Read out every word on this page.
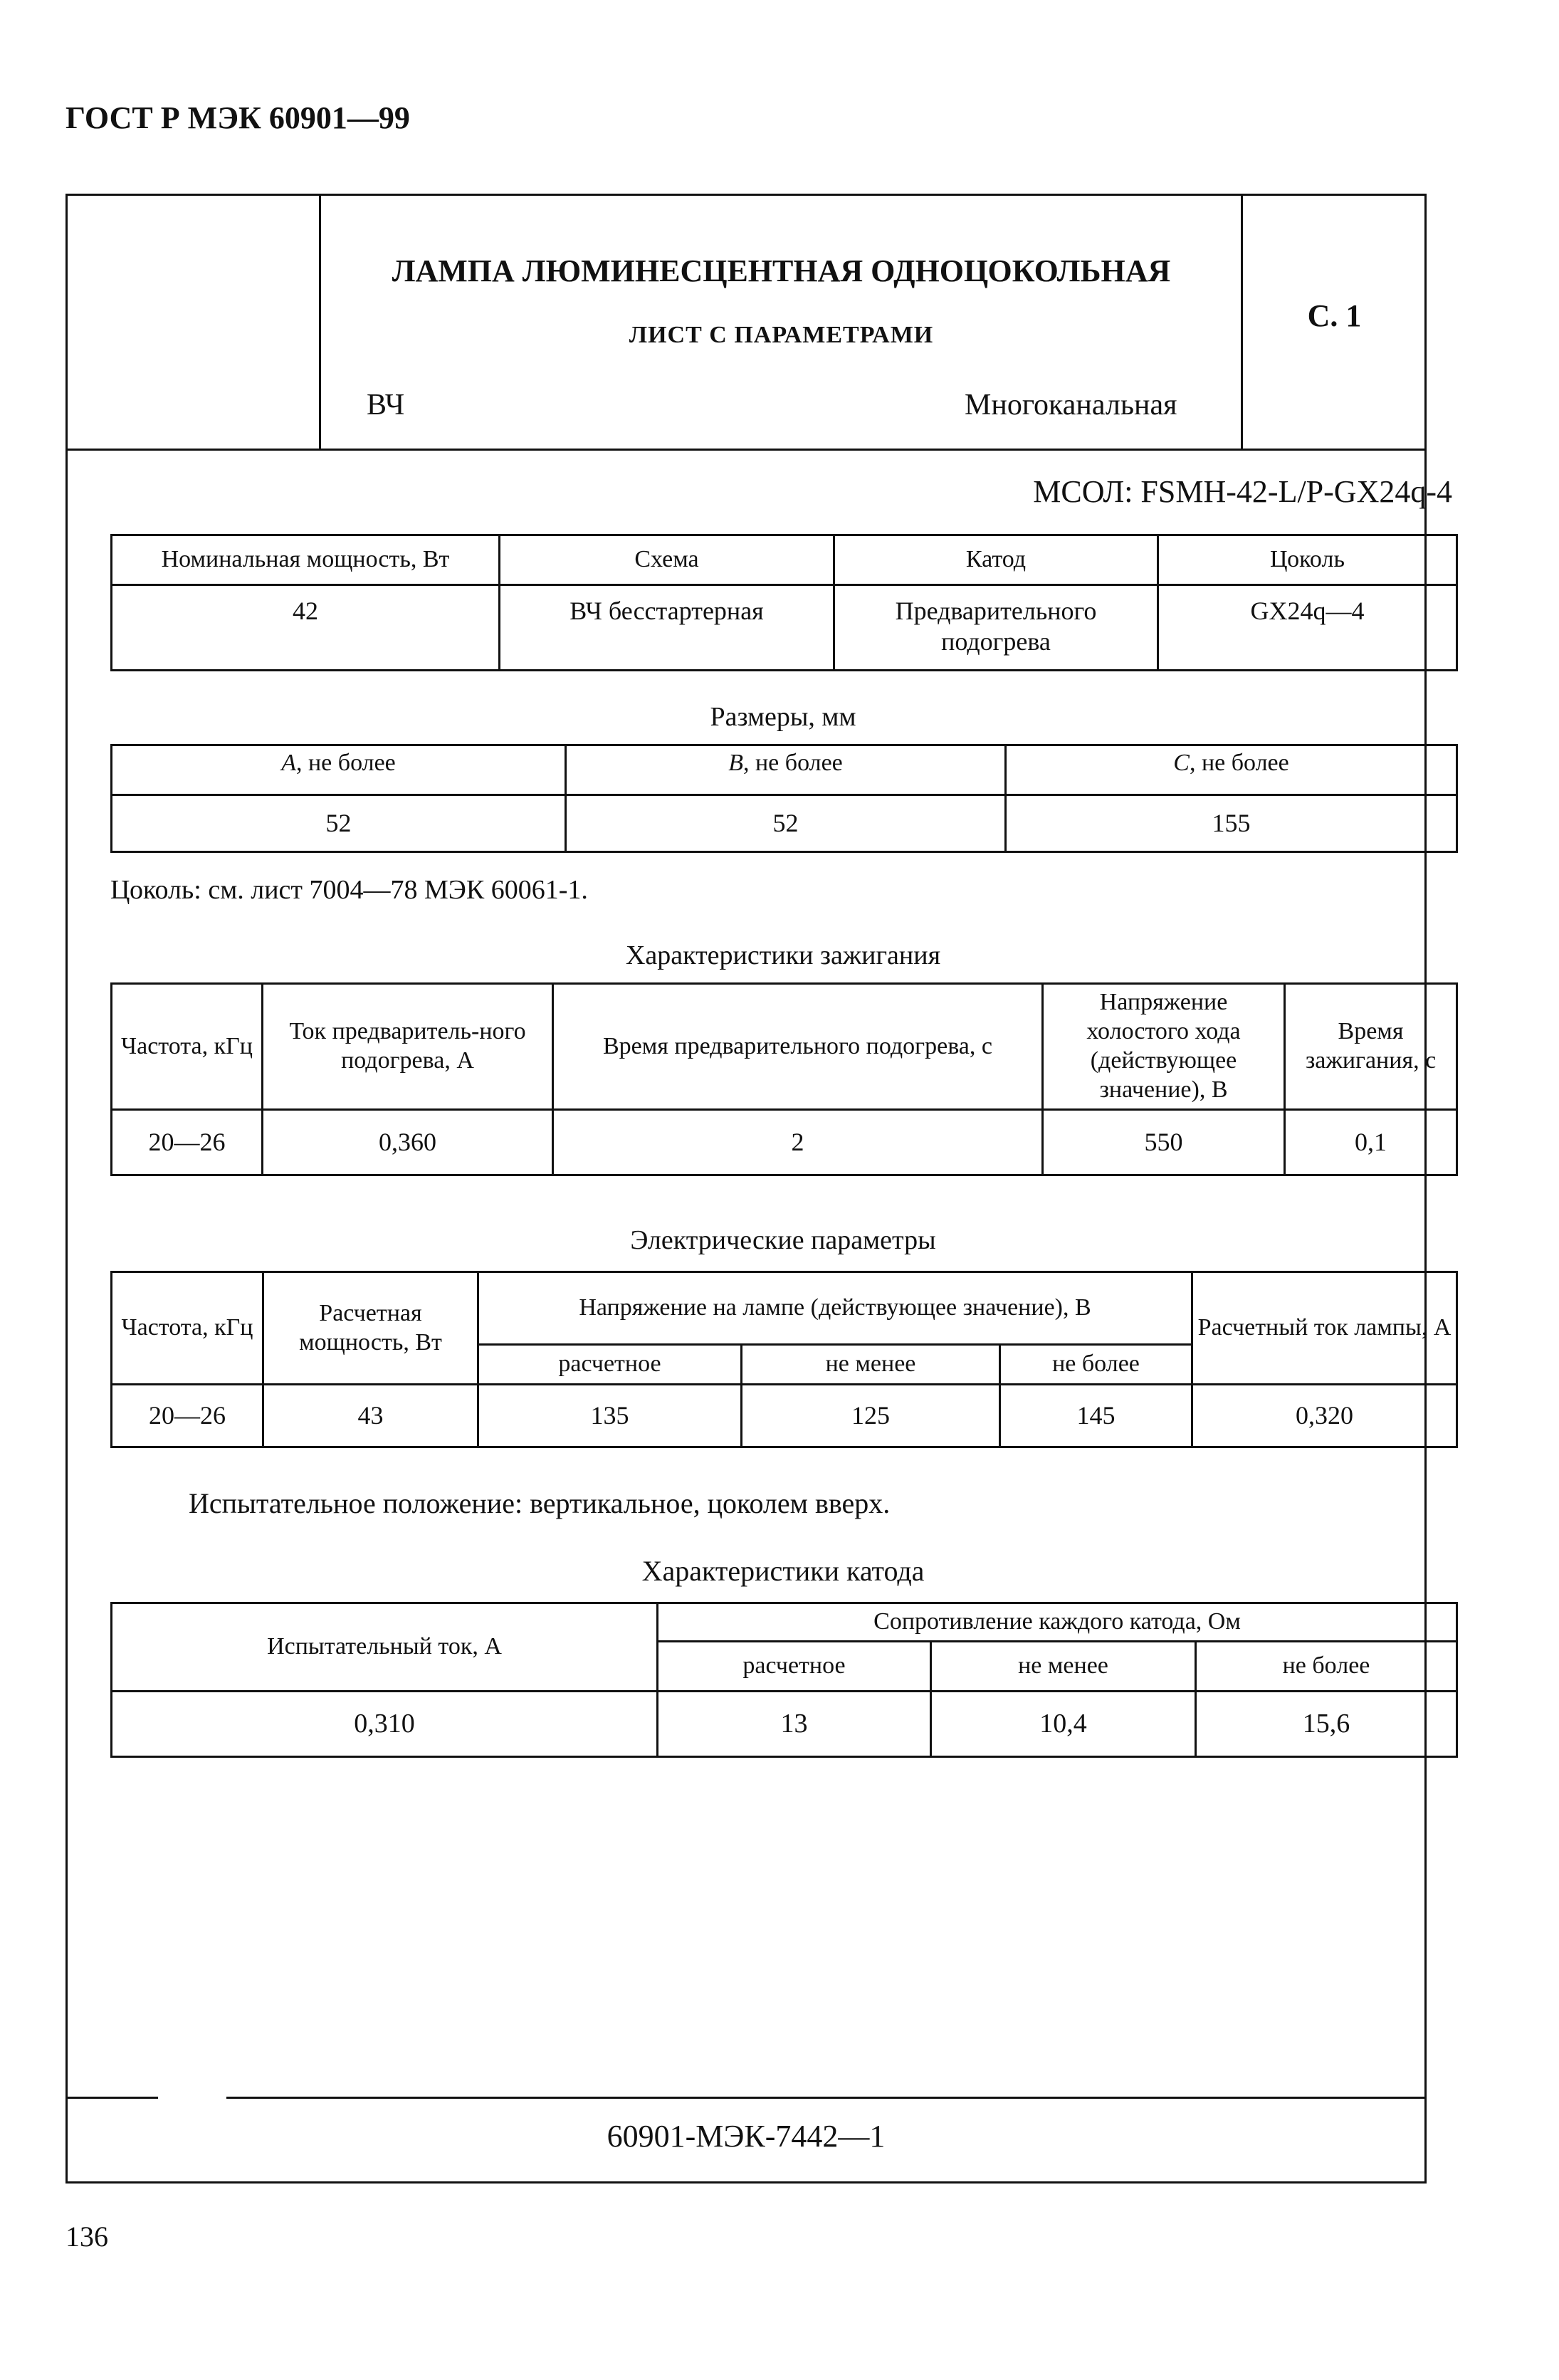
ГОСТ Р МЭК 60901—99
ЛАМПА ЛЮМИНЕСЦЕНТНАЯ ОДНОЦОКОЛЬНАЯ
ЛИСТ С ПАРАМЕТРАМИ
ВЧ	Многоканальная
С. 1
МСОЛ: FSMH-42-L/P-GX24q-4
Номинальная мощность, Вт	Схема	Катод	Цоколь
42	ВЧ бесстартерная	Предварительного подогрева	GX24q—4
Размеры, мм
A, не более	B, не более	C, не более
52	52	155
Цоколь: см. лист 7004—78 МЭК 60061-1.
Характеристики зажигания
Частота, кГц	Ток предваритель-ного подогрева, А	Время предварительного подогрева, с	Напряжение холостого хода (действующее значение), В	Время зажигания, с
20—26	0,360	2	550	0,1
Электрические параметры
Частота, кГц	Расчетная мощность, Вт	Напряжение на лампе (действующее значение), В			Расчетный ток лампы, А
		расчетное	не менее	не более	
20—26	43	135	125	145	0,320
Испытательное положение: вертикальное, цоколем вверх.
Характеристики катода
Испытательный ток, А	Сопротивление каждого катода, Ом		
	расчетное	не менее	не более
0,310	13	10,4	15,6
60901-МЭК-7442—1
136
